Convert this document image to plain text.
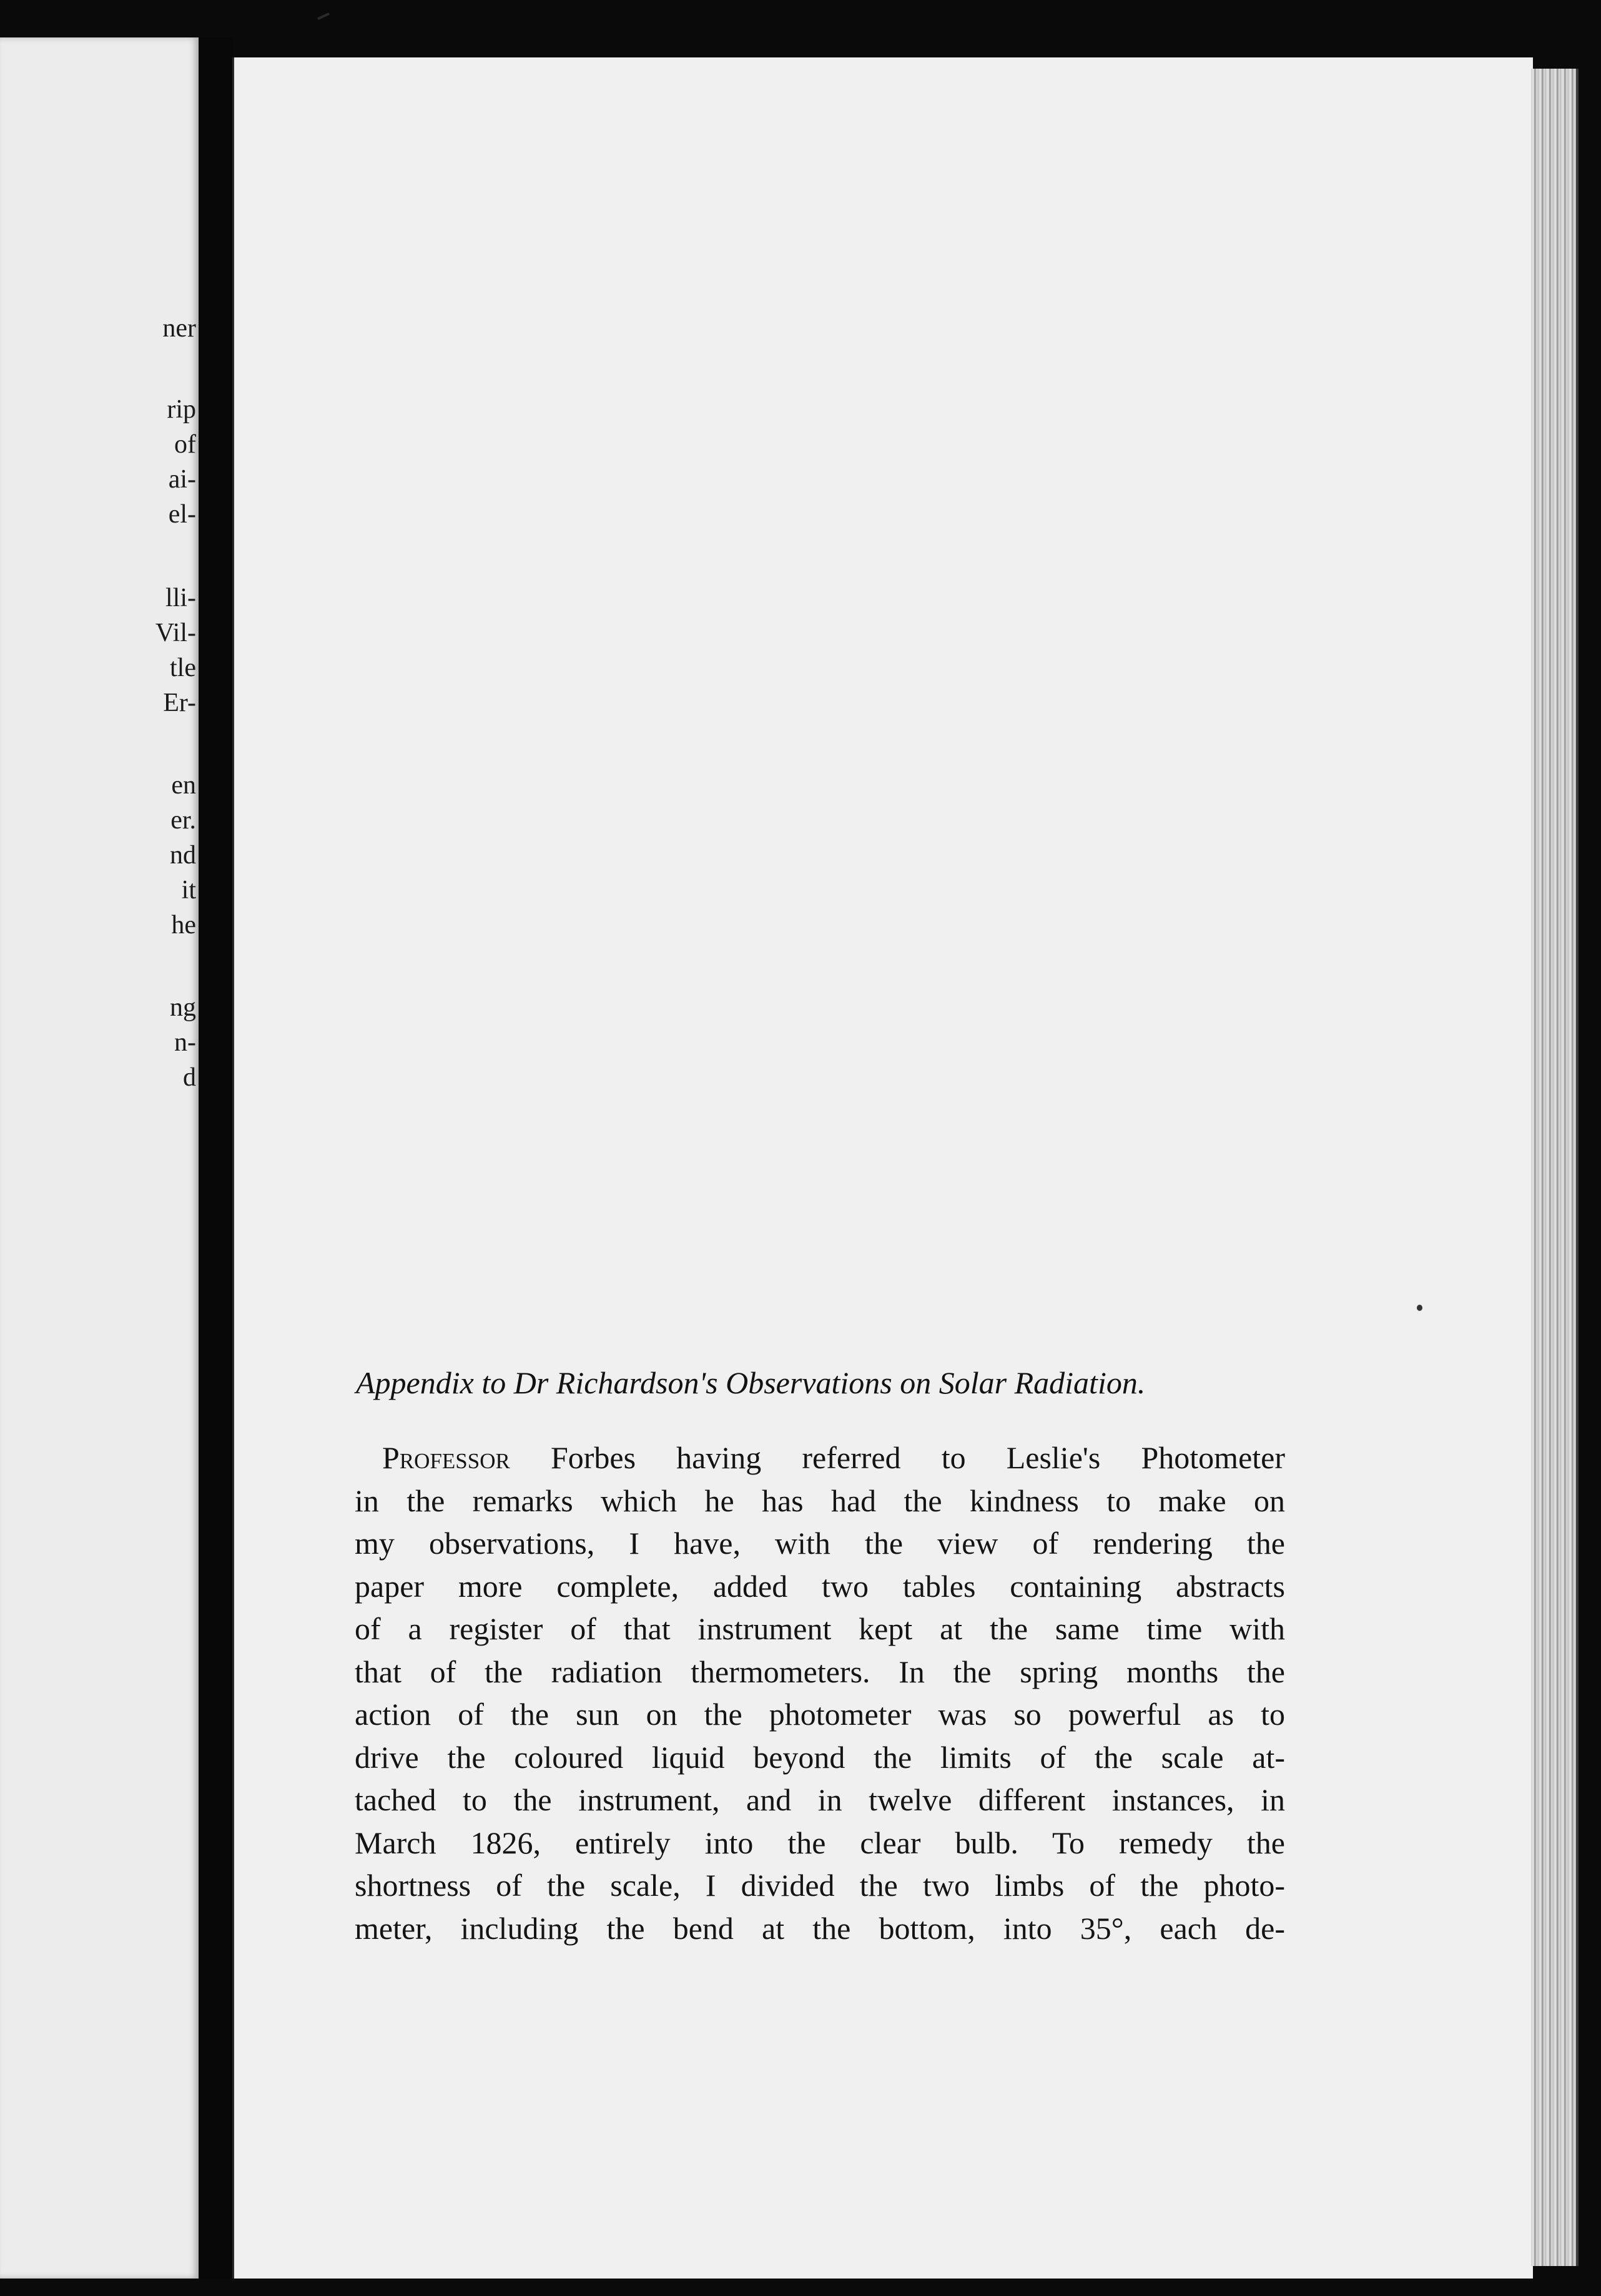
ner
rip
of
ai-
el-
lli-
Vil-
tle
Er-
en
er.
nd
it
he
ng
n-
d
Appendix to Dr Richardson's Observations on Solar Radiation.
Professor Forbes having referred to Leslie's Photometer
in the remarks which he has had the kindness to make on
my observations, I have, with the view of rendering the
paper more complete, added two tables containing abstracts
of a register of that instrument kept at the same time with
that of the radiation thermometers. In the spring months the
action of the sun on the photometer was so powerful as to
drive the coloured liquid beyond the limits of the scale at-
tached to the instrument, and in twelve different instances, in
March 1826, entirely into the clear bulb. To remedy the
shortness of the scale, I divided the two limbs of the photo-
meter, including the bend at the bottom, into 35°, each de-
